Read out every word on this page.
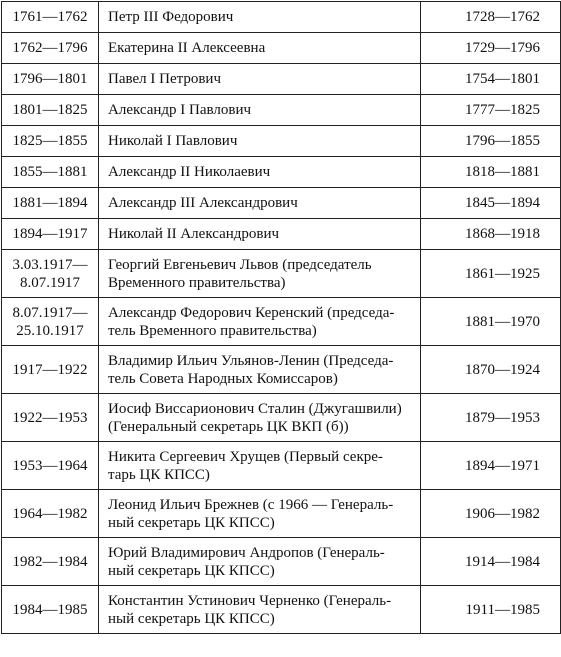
1761—1762	Петр III Федорович	1728—1762

1762—1796	Екатерина II Алексеевна	1729—1796

1796—1801	Павел I Петрович	1754—1801

1801—1825	Александр I Павлович	1777—1825

1825—1855	Николай I Павлович	1796—1855

1855—1881	Александр II Николаевич	1818—1881

1881—1894	Александр III Александрович	1845—1894

1894—1917	Николай II Александрович	1868—1918

3.03.1917—
8.07.1917	Георгий Евгеньевич Львов (председатель
Временного правительства)	1861—1925

8.07.1917—
25.10.1917	Александр Федорович Керенский (председа-
тель Временного правительства)	1881—1970

1917—1922	Владимир Ильич Ульянов-Ленин (Председа-
тель Совета Народных Комиссаров)	1870—1924

1922—1953	Иосиф Виссарионович Сталин (Джугашвили)
(Генеральный секретарь ЦК ВКП (б))	1879—1953

1953—1964	Никита Сергеевич Хрущев (Первый секре-
тарь ЦК КПСС)	1894—1971

1964—1982	Леонид Ильич Брежнев (с 1966 — Генераль-
ный секретарь ЦК КПСС)	1906—1982

1982—1984	Юрий Владимирович Андропов (Генераль-
ный секретарь ЦК КПСС)	1914—1984

1984—1985	Константин Устинович Черненко (Генераль-
ный секретарь ЦК КПСС)	1911—1985
